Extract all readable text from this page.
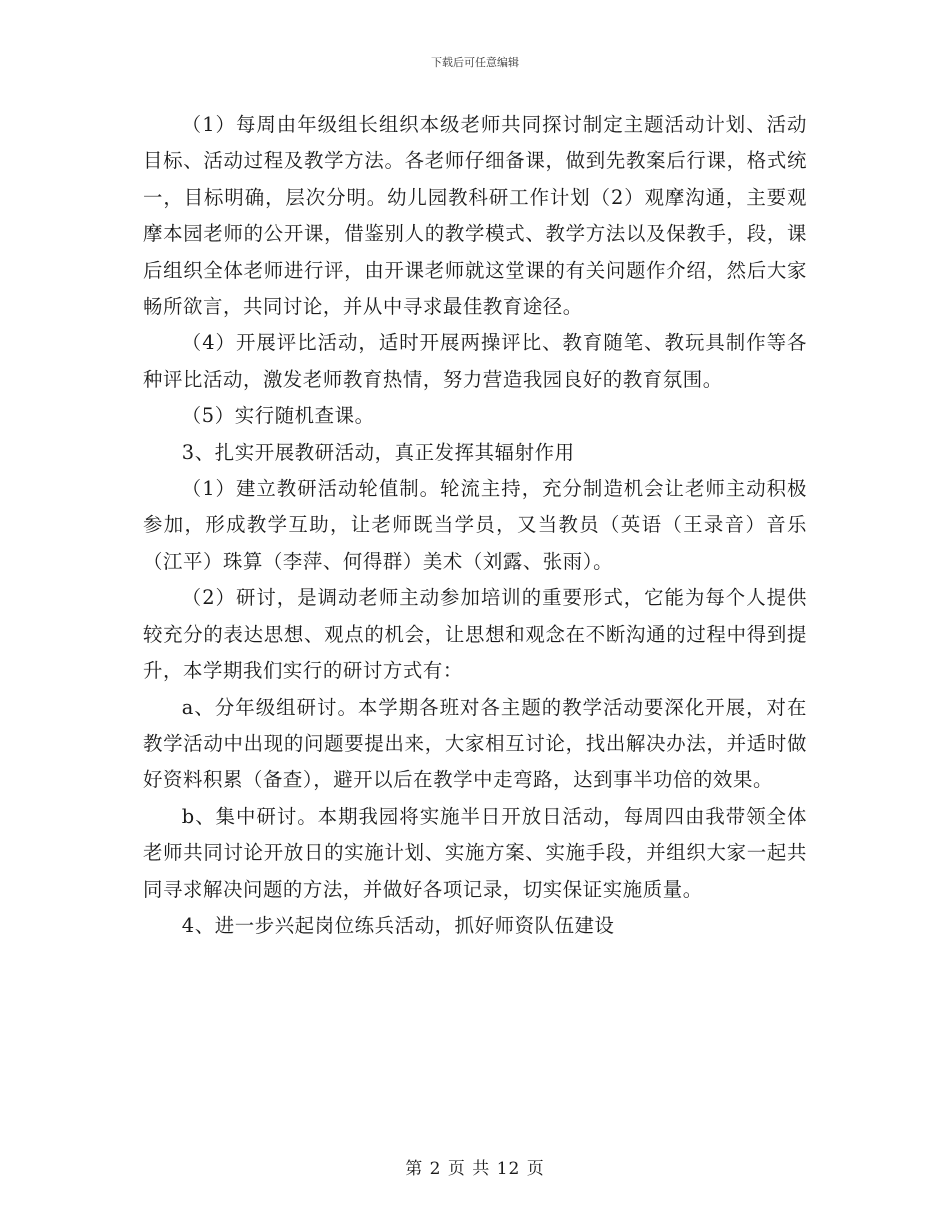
下载后可任意编辑

（1）每周由年级组长组织本级老师共同探讨制定主题活动计划、活动目标、活动过程及教学方法。各老师仔细备课，做到先教案后行课，格式统一，目标明确，层次分明。幼儿园教科研工作计划（2）观摩沟通，主要观摩本园老师的公开课，借鉴别人的教学模式、教学方法以及保教手，段，课后组织全体老师进行评，由开课老师就这堂课的有关问题作介绍，然后大家畅所欲言，共同讨论，并从中寻求最佳教育途径。

（4）开展评比活动，适时开展两操评比、教育随笔、教玩具制作等各种评比活动，激发老师教育热情，努力营造我园良好的教育氛围。

（5）实行随机查课。

3、扎实开展教研活动，真正发挥其辐射作用

（1）建立教研活动轮值制。轮流主持，充分制造机会让老师主动积极参加，形成教学互助，让老师既当学员，又当教员（英语（王录音）音乐（江平）珠算（李萍、何得群）美术（刘露、张雨）。

（2）研讨，是调动老师主动参加培训的重要形式，它能为每个人提供较充分的表达思想、观点的机会，让思想和观念在不断沟通的过程中得到提升，本学期我们实行的研讨方式有：

a、分年级组研讨。本学期各班对各主题的教学活动要深化开展，对在教学活动中出现的问题要提出来，大家相互讨论，找出解决办法，并适时做好资料积累（备查），避开以后在教学中走弯路，达到事半功倍的效果。

b、集中研讨。本期我园将实施半日开放日活动，每周四由我带领全体老师共同讨论开放日的实施计划、实施方案、实施手段，并组织大家一起共同寻求解决问题的方法，并做好各项记录，切实保证实施质量。

4、进一步兴起岗位练兵活动，抓好师资队伍建设

第 2 页 共 12 页
